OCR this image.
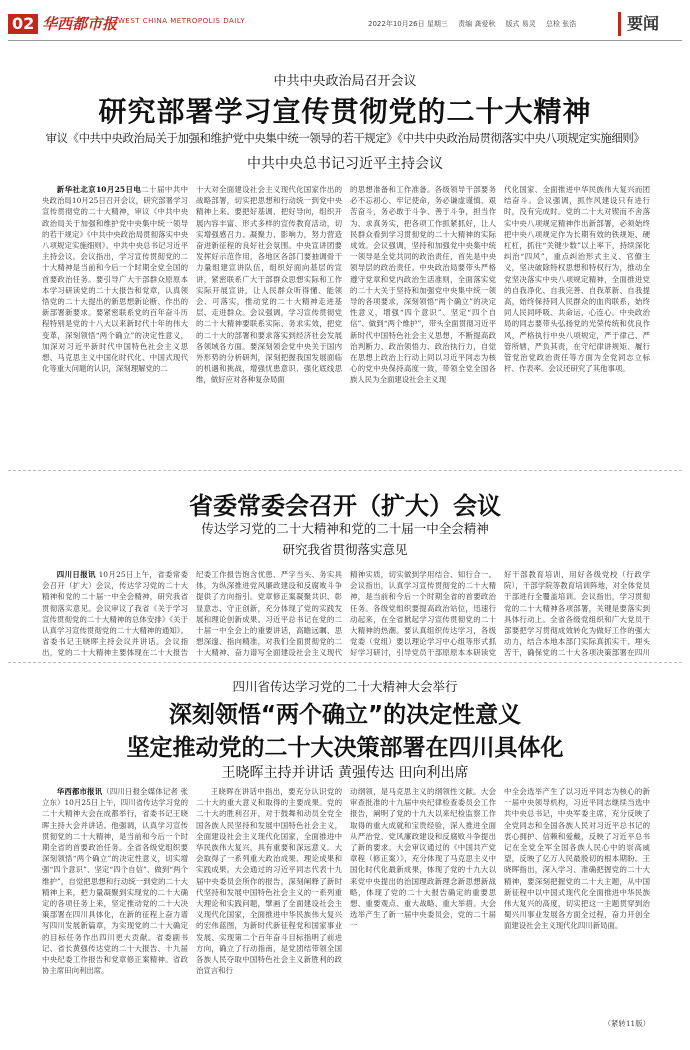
02 华西都市报 WEST CHINA METROPOLIS DAILY	2022年10月26日 星期三 责编 龚爱秋 版式 易灵 总检 张浩	要闻
中共中央政治局召开会议
研究部署学习宣传贯彻党的二十大精神
审议《中共中央政治局关于加强和维护党中央集中统一领导的若干规定》《中共中央政治局贯彻落实中央八项规定实施细则》
中共中央总书记习近平主持会议
新华社北京10月25日电二十届中共中央政治局10月25日召开会议，研究部署学习宣传贯彻党的二十大精神，审议《中共中央政治局关于加强和维护党中央集中统一领导的若干规定》《中共中央政治局贯彻落实中央八项规定实施细则》。中共中央总书记习近平主持会议。会议指出，学习宣传贯彻党的二十大精神是当前和今后一个时期全党全国的首要政治任务。要引导广大干部群众原原本本学习研读党的二十大报告和党章，认真领悟党的二十大提出的新思想新论断、作出的新部署新要求。要紧密联系党的百年奋斗历程特别是党的十八大以来新时代十年的伟大变革，深刻领悟“两个确立”的决定性意义，加深对习近平新时代中国特色社会主义思想、马克思主义中国化时代化、中国式现代化等重大问题的认识，深刻理解党的二
十大对全面建设社会主义现代化国家作出的战略部署，切实把思想和行动统一到党中央精神上来。要把好基调、把好导向，组织开展内容丰富、形式多样的宣传教育活动，切实增强感召力、凝聚力、影响力，努力营造奋进新征程的良好社会氛围。中央宣讲团要发挥好示范作用，各地区各部门要抽调骨干力量组建宣讲队伍，组织好面向基层的宣讲，紧密联系广大干部群众思想实际和工作实际开展宣讲，让人民群众听得懂、能领会、可落实，推动党的二十大精神走进基层、走进群众。会议强调，学习宣传贯彻党的二十大精神要联系实际、务求实效，把党的二十大的部署和要求落实到经济社会发展各领域各方面。要深刻领会党中央关于国内外形势的分析研判，深刻把握我国发展面临的机遇和挑战，增强忧患意识、强化底线思维，做好应对各种复杂局面
的思想准备和工作准备。各级领导干部要务必不忘初心、牢记使命，务必谦虚谨慎、艰苦奋斗，务必敢于斗争、善于斗争，担当作为、求真务实，把各项工作抓紧抓好，让人民群众看到学习贯彻党的二十大精神的实际成效。会议强调，坚持和加强党中央集中统一领导是全党共同的政治责任，首先是中央领导层的政治责任。中央政治局要带头严格遵守党章和党内政治生活准则，全面落实党的二十大关于坚持和加强党中央集中统一领导的各项要求，深刻领悟“两个确立”的决定性意义，增强“四个意识”、坚定“四个自信”、做到“两个维护”，带头全面贯彻习近平新时代中国特色社会主义思想，不断提高政治判断力、政治领悟力、政治执行力，自觉在思想上政治上行动上同以习近平同志为核心的党中央保持高度一致，带领全党全国各族人民为全面建设社会主义现
代化国家、全面推进中华民族伟大复兴而团结奋斗。会议强调，抓作风建设只有进行时，没有完成时。党的二十大对锲而不舍落实中央八项规定精神作出新部署，必须始终把中央八项规定作为长期有效的铁规矩、硬杠杠，抓住“关键少数”以上率下，持续深化纠治“四风”，重点纠治形式主义、官僚主义，坚决破除特权思想和特权行为，推动全党坚决落实中央八项规定精神，全面推进党的自我净化、自我完善、自我革新、自我提高，始终保持同人民群众的血肉联系，始终同人民同呼吸、共命运、心连心。中央政治局的同志要带头弘扬党的光荣传统和优良作风，严格执行中央八项规定，严于律己、严管所辖，严负其责，在守纪律讲规矩、履行管党治党政治责任等方面为全党同志立标杆、作表率。会议还研究了其他事项。
省委常委会召开（扩大）会议
传达学习党的二十大精神和党的二十届一中全会精神
研究我省贯彻落实意见
四川日报讯 10月25日上午，省委常委会召开（扩大）会议，传达学习党的二十大精神和党的二十届一中全会精神，研究我省贯彻落实意见。会议审议了我省《关于学习宣传贯彻党的二十大精神的总体安排》《关于认真学习宣传贯彻党的二十大精神的通知》。省委书记王晓晖主持会议并讲话。会议指出，党的二十大精神主要体现在二十大报告
纪委工作报告饱含忧患、严字当头、务实具体，为纵深推进党风廉政建设和反腐败斗争提供了方向指引。党章修正案凝聚共识、彰显意志、守正创新，充分体现了党的实践发展和理论创新成果。习近平总书记在党的二十届一中全会上的重要讲话，高瞻远瞩、思想深邃、指向精准，对我们全面贯彻党的二十大精神、奋力谱写全面建设社会主义现代
精神实质，切实做到学用结合、知行合一。会议指出，认真学习宣传贯彻党的二十大精神，是当前和今后一个时期全省的首要政治任务。各级党组织要提高政治站位，迅速行动起来，在全省掀起学习宣传贯彻党的二十大精神的热潮。要认真组织传达学习，各级党委（党组）要以理论学习中心组等形式抓好学习研讨，引导党员干部原原本本研读党
好干部教育培训，用好各级党校（行政学院），干部学院等教育培训阵地，对全体党员干部进行全覆盖培训。会议指出，学习贯彻党的二十大精神各项部署，关键是要落实到具体行动上。全省各级党组织和广大党员干部要把学习贯彻成效转化为做好工作的强大动力，结合本地本部门实际真抓实干、埋头苦干，确保党的二十大各项决策部署在四川
四川省传达学习党的二十大精神大会举行
深刻领悟“两个确立”的决定性意义
坚定推动党的二十大决策部署在四川具体化
王晓晖主持并讲话 黄强传达 田向利出席
华西都市报讯（四川日报全媒体记者 张立东）10月25日上午，四川省传达学习党的二十大精神大会在成都举行，省委书记王晓晖主持大会并讲话。他强调，认真学习宣传贯彻党的二十大精神，是当前和今后一个时期全省的首要政治任务。全省各级党组织要深刻领悟“两个确立”的决定性意义，切实增强“四个意识”、坚定“四个自信”、做到“两个维护”，自觉把思想和行动统一到党的二十大精神上来，把力量凝聚到实现党的二十大确定的各项任务上来，坚定推动党的二十大决策部署在四川具体化，在新的征程上奋力谱写四川发展新篇章，为实现党的二十大确定的目标任务作出四川更大贡献。省委副书记、省长黄强传达党的二十大报告、十九届中央纪委工作报告和党章修正案精神。省政协主席田向利出席。
王晓晖在讲话中指出，要充分认识党的二十大的重大意义和取得的主要成果。党的二十大的胜利召开，对于鼓舞和动员全党全国各族人民坚持和发展中国特色社会主义，全面建设社会主义现代化国家，全面推进中华民族伟大复兴，具有重要和深远意义。大会取得了一系列重大政治成果、理论成果和实践成果。大会通过的习近平同志代表十九届中央委员会所作的报告，深刻阐释了新时代坚持和发展中国特色社会主义的一系列重大理论和实践问题，擘画了全面建设社会主义现代化国家，全面推进中华民族伟大复兴的宏伟蓝图，为新时代新征程党和国家事业发展、实现第二个百年奋斗目标指明了前进方向，确立了行动指南，是党团结带领全国各族人民夺取中国特色社会主义新胜利的政治宣言和行
动纲领，是马克思主义的纲领性文献。大会审查批准的十九届中央纪律检查委员会工作报告，阐明了党的十九大以来纪检监察工作取得的重大成就和宝贵经验，深入推进全面从严治党、党风廉政建设和反腐败斗争提出了新的要求。大会审议通过的《中国共产党章程（修正案）》，充分体现了马克思主义中国化时代化最新成果，体现了党的十九大以来党中央提出的治国理政新理念新思想新战略，体现了党的二十大报告确定的重要思想、重要观点、重大战略、重大举措。大会选举产生了新一届中央委员会，党的二十届一
中全会选举产生了以习近平同志为核心的新一届中央领导机构，习近平同志继续当选中共中央总书记，中央军委主席，充分反映了全党同志和全国各族人民对习近平总书记的衷心拥护、信赖和爱戴，反映了习近平总书记在全党全军全国各族人民心中的崇高威望，反映了亿万人民最殷切的根本期盼。王晓晖指出，深入学习、准确把握党的二十大精神，要深刻把握党的二十大主题，从中国新征程中以中国式现代化全面推进中华民族伟大复兴的高度，切实把这一主题贯穿到治蜀兴川事业发展各方面全过程，奋力开创全面建设社会主义现代化四川新局面。
（紧转11版）
